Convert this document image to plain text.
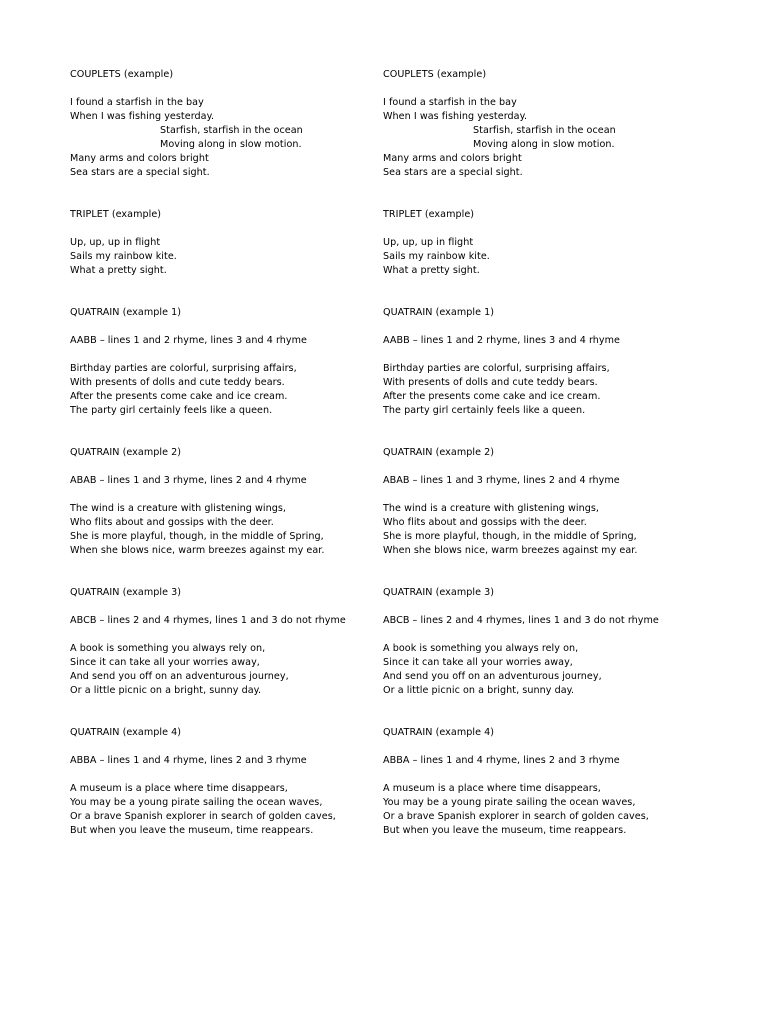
COUPLETS (example)
I found a starfish in the bay
When I was fishing yesterday.
Starfish, starfish in the ocean
Moving along in slow motion.
Many arms and colors bright
Sea stars are a special sight.
TRIPLET (example)
Up, up, up in flight
Sails my rainbow kite.
What a pretty sight.
QUATRAIN (example 1)
AABB – lines 1 and 2 rhyme, lines 3 and 4 rhyme
Birthday parties are colorful, surprising affairs,
With presents of dolls and cute teddy bears.
After the presents come cake and ice cream.
The party girl certainly feels like a queen.
QUATRAIN (example 2)
ABAB – lines 1 and 3 rhyme, lines 2 and 4 rhyme
The wind is a creature with glistening wings,
Who flits about and gossips with the deer.
She is more playful, though, in the middle of Spring,
When she blows nice, warm breezes against my ear.
QUATRAIN (example 3)
ABCB – lines 2 and 4 rhymes, lines 1 and 3 do not rhyme
A book is something you always rely on,
Since it can take all your worries away,
And send you off on an adventurous journey,
Or a little picnic on a bright, sunny day.
QUATRAIN (example 4)
ABBA – lines 1 and 4 rhyme, lines 2 and 3 rhyme
A museum is a place where time disappears,
You may be a young pirate sailing the ocean waves,
Or a brave Spanish explorer in search of golden caves,
But when you leave the museum, time reappears.
COUPLETS (example)
I found a starfish in the bay
When I was fishing yesterday.
Starfish, starfish in the ocean
Moving along in slow motion.
Many arms and colors bright
Sea stars are a special sight.
TRIPLET (example)
Up, up, up in flight
Sails my rainbow kite.
What a pretty sight.
QUATRAIN (example 1)
AABB – lines 1 and 2 rhyme, lines 3 and 4 rhyme
Birthday parties are colorful, surprising affairs,
With presents of dolls and cute teddy bears.
After the presents come cake and ice cream.
The party girl certainly feels like a queen.
QUATRAIN (example 2)
ABAB – lines 1 and 3 rhyme, lines 2 and 4 rhyme
The wind is a creature with glistening wings,
Who flits about and gossips with the deer.
She is more playful, though, in the middle of Spring,
When she blows nice, warm breezes against my ear.
QUATRAIN (example 3)
ABCB – lines 2 and 4 rhymes, lines 1 and 3 do not rhyme
A book is something you always rely on,
Since it can take all your worries away,
And send you off on an adventurous journey,
Or a little picnic on a bright, sunny day.
QUATRAIN (example 4)
ABBA – lines 1 and 4 rhyme, lines 2 and 3 rhyme
A museum is a place where time disappears,
You may be a young pirate sailing the ocean waves,
Or a brave Spanish explorer in search of golden caves,
But when you leave the museum, time reappears.
